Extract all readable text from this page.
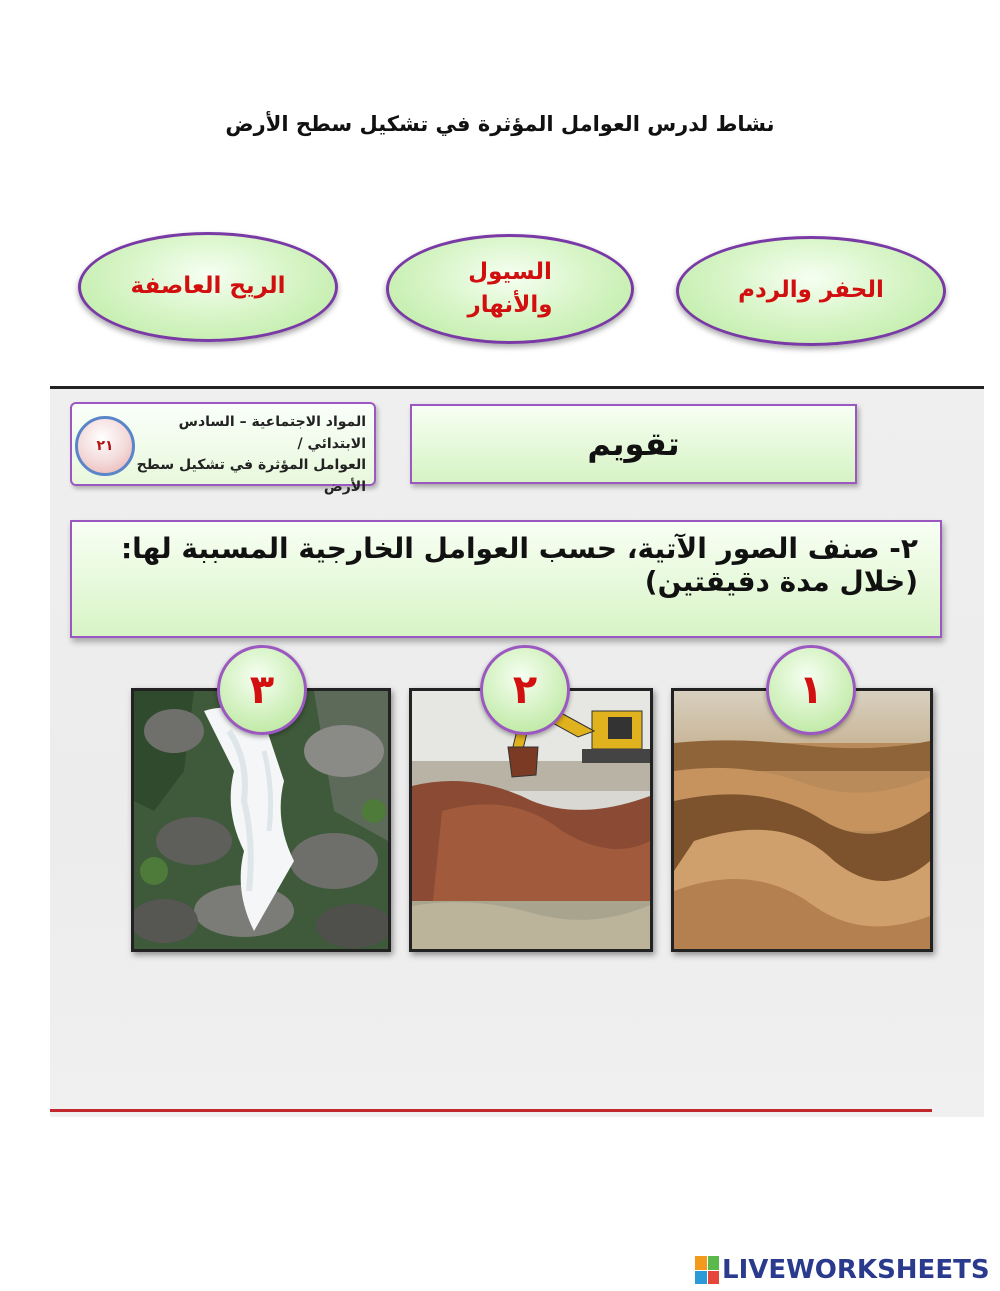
نشاط لدرس العوامل المؤثرة في تشكيل سطح الأرض
الحفر والردم
السيول
والأنهار
الريح العاصفة
٢١
المواد الاجتماعية – السادس الابتدائي /
العوامل المؤثرة في تشكيل سطح الأرض
تقويم
٢- صنف الصور الآتية، حسب العوامل الخارجية المسببة لها: (خلال مدة دقيقتين)
١
٢
٣
LIVEWORKSHEETS
